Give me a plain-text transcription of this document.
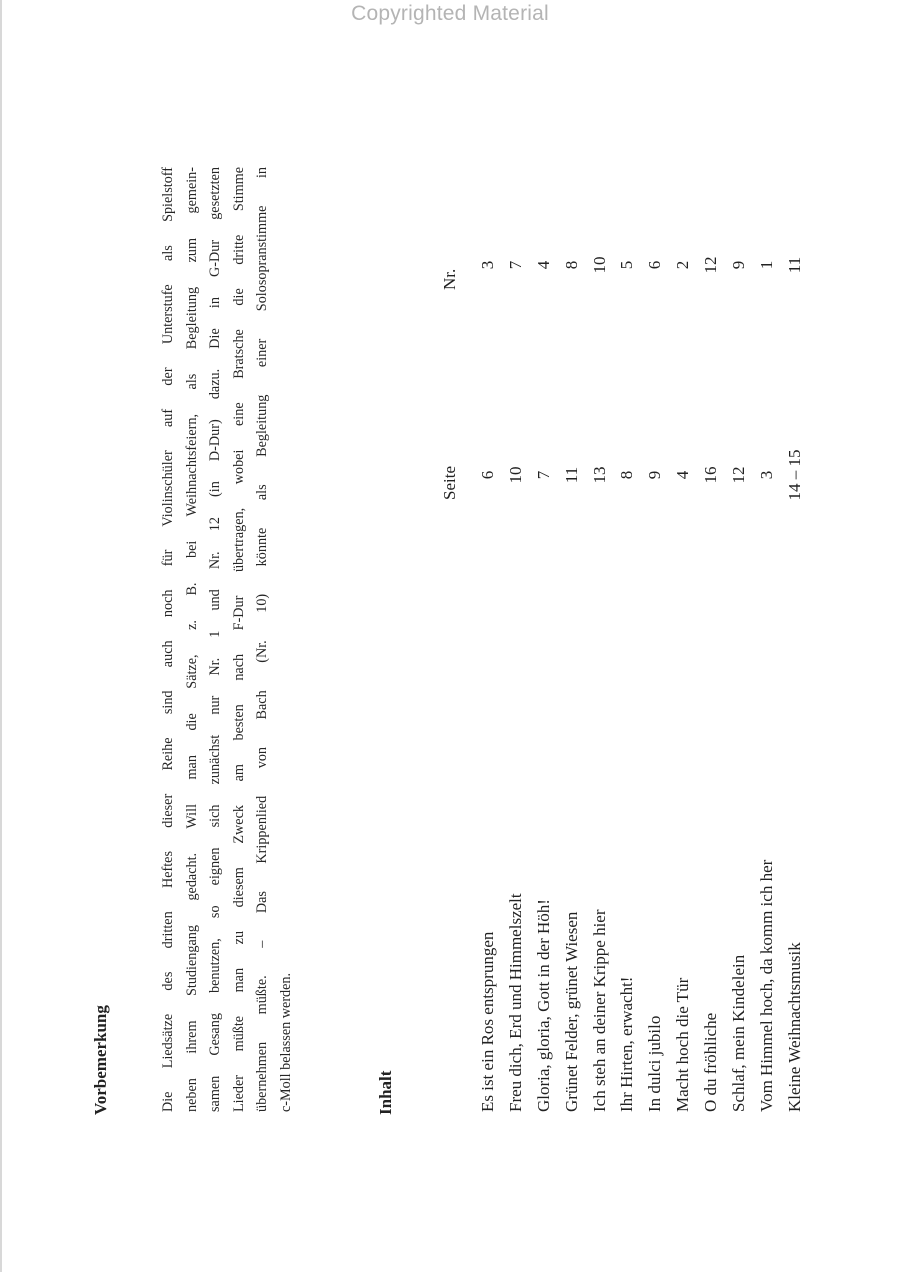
Copyrighted Material
Vorbemerkung	Die Liedsätze des dritten Heftes dieser Reihe sind auch noch für Violinschüler auf der Unterstufe als Spielstoff neben ihrem Studiengang gedacht. Will man die Sätze, z. B. bei Weihnachtsfeiern, als Begleitung zum gemein- samen Gesang benutzen, so eignen sich zunächst nur Nr. 1 und Nr. 12 (in D-Dur) dazu. Die in G-Dur gesetzten Lieder müßte man zu diesem Zweck am besten nach F-Dur übertragen, wobei eine Bratsche die dritte Stimme übernehmen müßte. – Das Krippenlied von Bach (Nr. 10) könnte als Begleitung einer Solosopranstimme in c-Moll belassen werden.	Inhalt
Seite
Nr.
Es ist ein Ros entsprungen Freu dich, Erd und Himmelszelt Gloria, gloria, Gott in der Höh! Grünet Felder, grünet Wiesen Ich steh an deiner Krippe hier Ihr Hirten, erwacht! In dulci jubilo Macht hoch die Tür O du fröhliche Schlaf, mein Kindelein Vom Himmel hoch, da komm ich her Kleine Weihnachtsmusik
6 10 7 11 13 8 9 4 16 12 3 14 – 15
3 7 4 8 10 5 6 2 12 9 1 11
